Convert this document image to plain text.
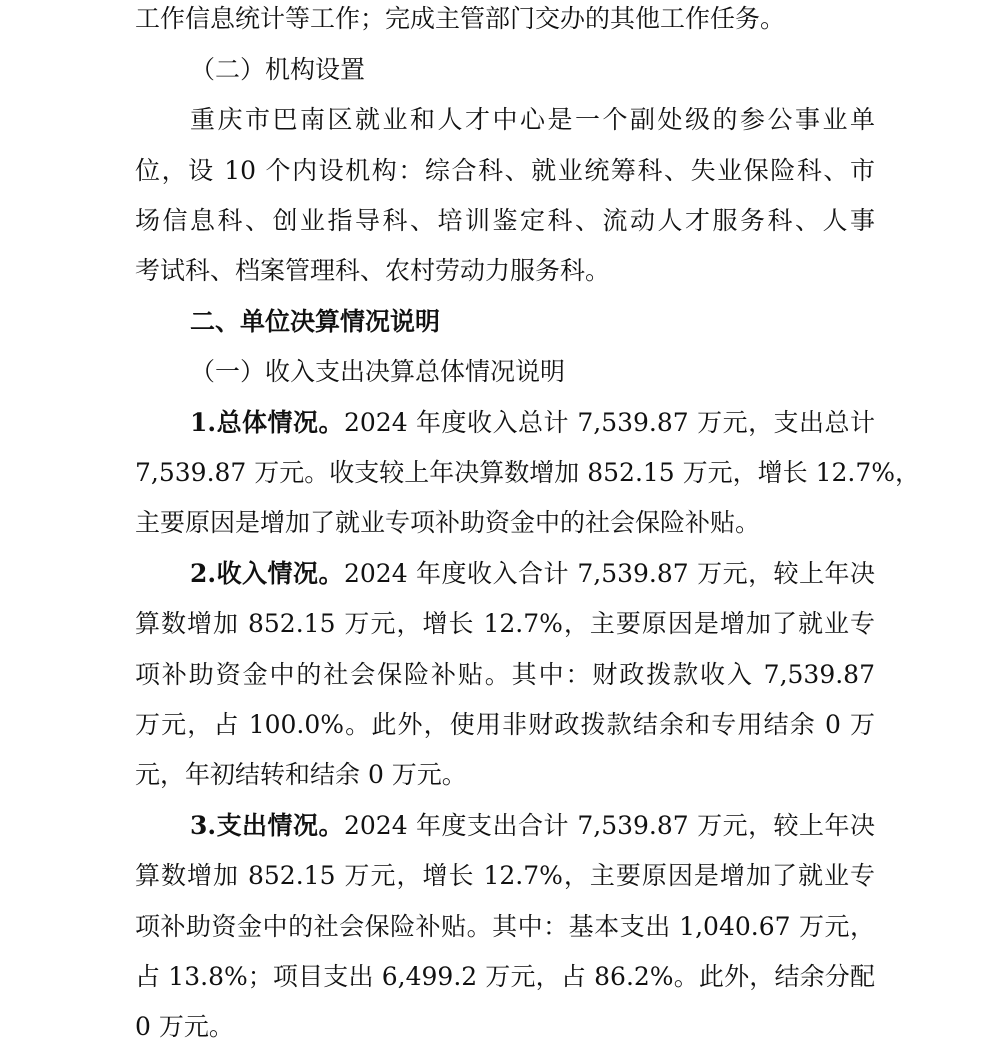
工作信息统计等工作；完成主管部门交办的其他工作任务。
（二）机构设置
重庆市巴南区就业和人才中心是一个副处级的参公事业单
位，设 10 个内设机构：综合科、就业统筹科、失业保险科、市
场信息科、创业指导科、培训鉴定科、流动人才服务科、人事
考试科、档案管理科、农村劳动力服务科。
二、单位决算情况说明
（一）收入支出决算总体情况说明
1.总体情况。2024 年度收入总计 7,539.87 万元，支出总计
7,539.87 万元。收支较上年决算数增加 852.15 万元，增长 12.7%，
主要原因是增加了就业专项补助资金中的社会保险补贴。
2.收入情况。2024 年度收入合计 7,539.87 万元，较上年决
算数增加 852.15 万元，增长 12.7%，主要原因是增加了就业专
项补助资金中的社会保险补贴。其中：财政拨款收入 7,539.87
万元，占 100.0%。此外，使用非财政拨款结余和专用结余 0 万
元，年初结转和结余 0 万元。
3.支出情况。2024 年度支出合计 7,539.87 万元，较上年决
算数增加 852.15 万元，增长 12.7%，主要原因是增加了就业专
项补助资金中的社会保险补贴。其中：基本支出 1,040.67 万元，
占 13.8%；项目支出 6,499.2 万元，占 86.2%。此外，结余分配
0 万元。
